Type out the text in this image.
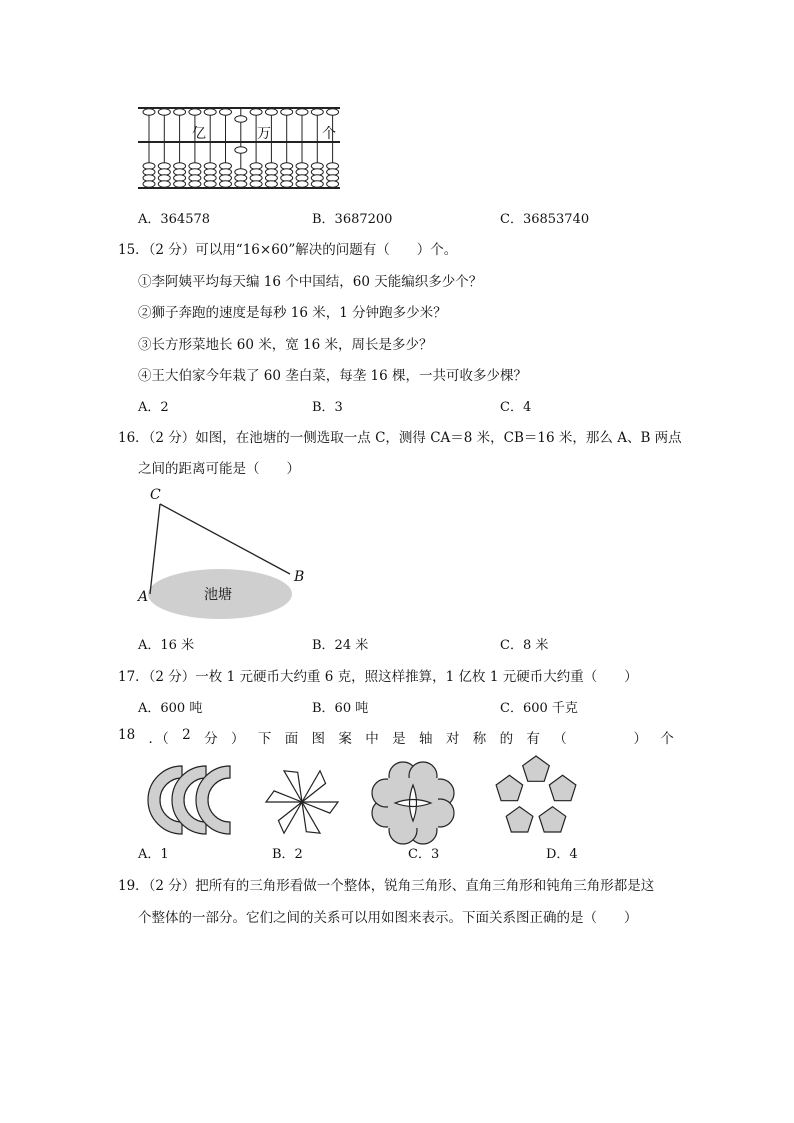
亿	万	个
A．364578	B．3687200	C．36853740
15．（2 分）可以用“16×60”解决的问题有（　　）个。
①李阿姨平均每天编 16 个中国结，60 天能编织多少个？
②狮子奔跑的速度是每秒 16 米，1 分钟跑多少米？
③长方形菜地长 60 米，宽 16 米，周长是多少？
④王大伯家今年栽了 60 垄白菜，每垄 16 棵，一共可收多少棵？
A．2	B．3	C．4
16．（2 分）如图，在池塘的一侧选取一点 C，测得 CA＝8 米，CB＝16 米，那么 A、B 两点
之间的距离可能是（　　）
C
A
B
池塘
A．16 米	B．24 米	C．8 米
17．（2 分）一枚 1 元硬币大约重 6 克，照这样推算，1 亿枚 1 元硬币大约重（　　）
A．600 吨	B．60 吨	C．600 千克
18 ．（ 2 分 ） 下 面 图 案 中 是 轴 对 称 的 有 （	） 个
A．1	B．2	C．3	D．4
19．（2 分）把所有的三角形看做一个整体，锐角三角形、直角三角形和钝角三角形都是这
个整体的一部分。它们之间的关系可以用如图来表示。下面关系图正确的是（　　）
